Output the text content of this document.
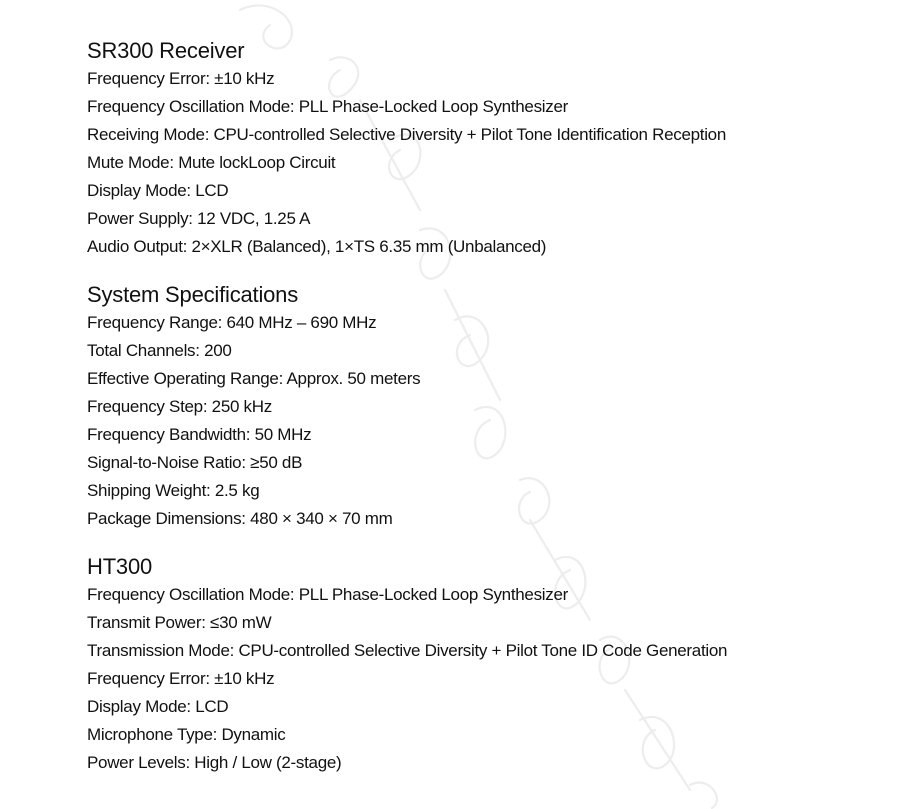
SR300 Receiver
Frequency Error: ±10 kHz
Frequency Oscillation Mode: PLL Phase-Locked Loop Synthesizer
Receiving Mode: CPU-controlled Selective Diversity + Pilot Tone Identification Reception
Mute Mode: Mute lockLoop Circuit
Display Mode: LCD
Power Supply: 12 VDC, 1.25 A
Audio Output: 2×XLR (Balanced), 1×TS 6.35 mm (Unbalanced)
System Specifications
Frequency Range: 640 MHz – 690 MHz
Total Channels: 200
Effective Operating Range: Approx. 50 meters
Frequency Step: 250 kHz
Frequency Bandwidth: 50 MHz
Signal-to-Noise Ratio: ≥50 dB
Shipping Weight: 2.5 kg
Package Dimensions: 480 × 340 × 70 mm
HT300
Frequency Oscillation Mode: PLL Phase-Locked Loop Synthesizer
Transmit Power: ≤30 mW
Transmission Mode: CPU-controlled Selective Diversity + Pilot Tone ID Code Generation
Frequency Error: ±10 kHz
Display Mode: LCD
Microphone Type: Dynamic
Power Levels: High / Low (2-stage)
